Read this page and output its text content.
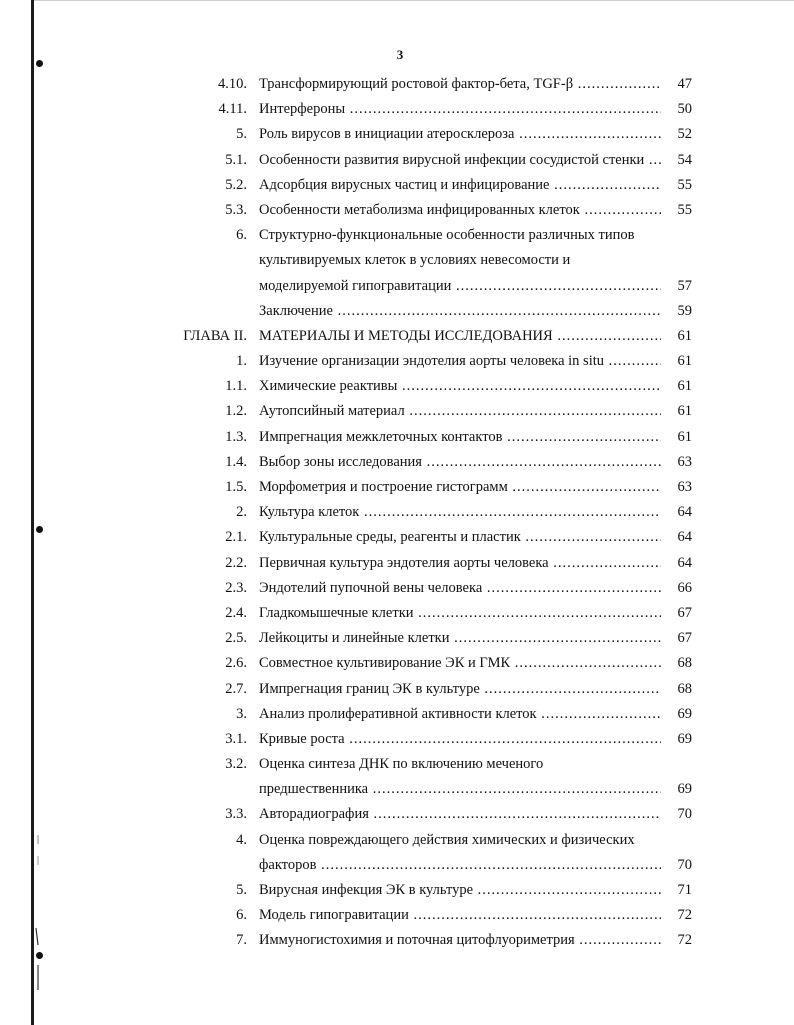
3
4.10. Трансформирующий ростовой фактор-бета, TGF-β .....	47
4.11. Интерфероны .....	50
5. Роль вирусов в инициации атеросклероза .....	52
5.1. Особенности развития вирусной инфекции сосудистой стенки .....	54
5.2. Адсорбция вирусных частиц и инфицирование .....	55
5.3. Особенности метаболизма инфицированных клеток .....	55
6. Структурно-функциональные особенности различных типов
культивируемых клеток в условиях невесомости и
моделируемой гипогравитации .....	57
Заключение .....	59
ГЛАВА II. МАТЕРИАЛЫ И МЕТОДЫ ИССЛЕДОВАНИЯ .....	61
1. Изучение организации эндотелия аорты человека in situ .....	61
1.1. Химические реактивы .....	61
1.2. Аутопсийный материал .....	61
1.3. Импрегнация межклеточных контактов .....	61
1.4. Выбор зоны исследования .....	63
1.5. Морфометрия и построение гистограмм .....	63
2. Культура клеток .....	64
2.1. Культуральные среды, реагенты и пластик .....	64
2.2. Первичная культура эндотелия аорты человека .....	64
2.3. Эндотелий пупочной вены человека .....	66
2.4. Гладкомышечные клетки .....	67
2.5. Лейкоциты и линейные клетки .....	67
2.6. Совместное культивирование ЭК и ГМК .....	68
2.7. Импрегнация границ ЭК в культуре .....	68
3. Анализ пролиферативной активности клеток .....	69
3.1. Кривые роста .....	69
3.2. Оценка синтеза ДНК по включению меченого
предшественника .....	69
3.3. Авторадиография .....	70
4. Оценка повреждающего действия химических и физических
факторов .....	70
5. Вирусная инфекция ЭК в культуре .....	71
6. Модель гипогравитации .....	72
7. Иммуногистохимия и поточная цитофлуориметрия .....	72
